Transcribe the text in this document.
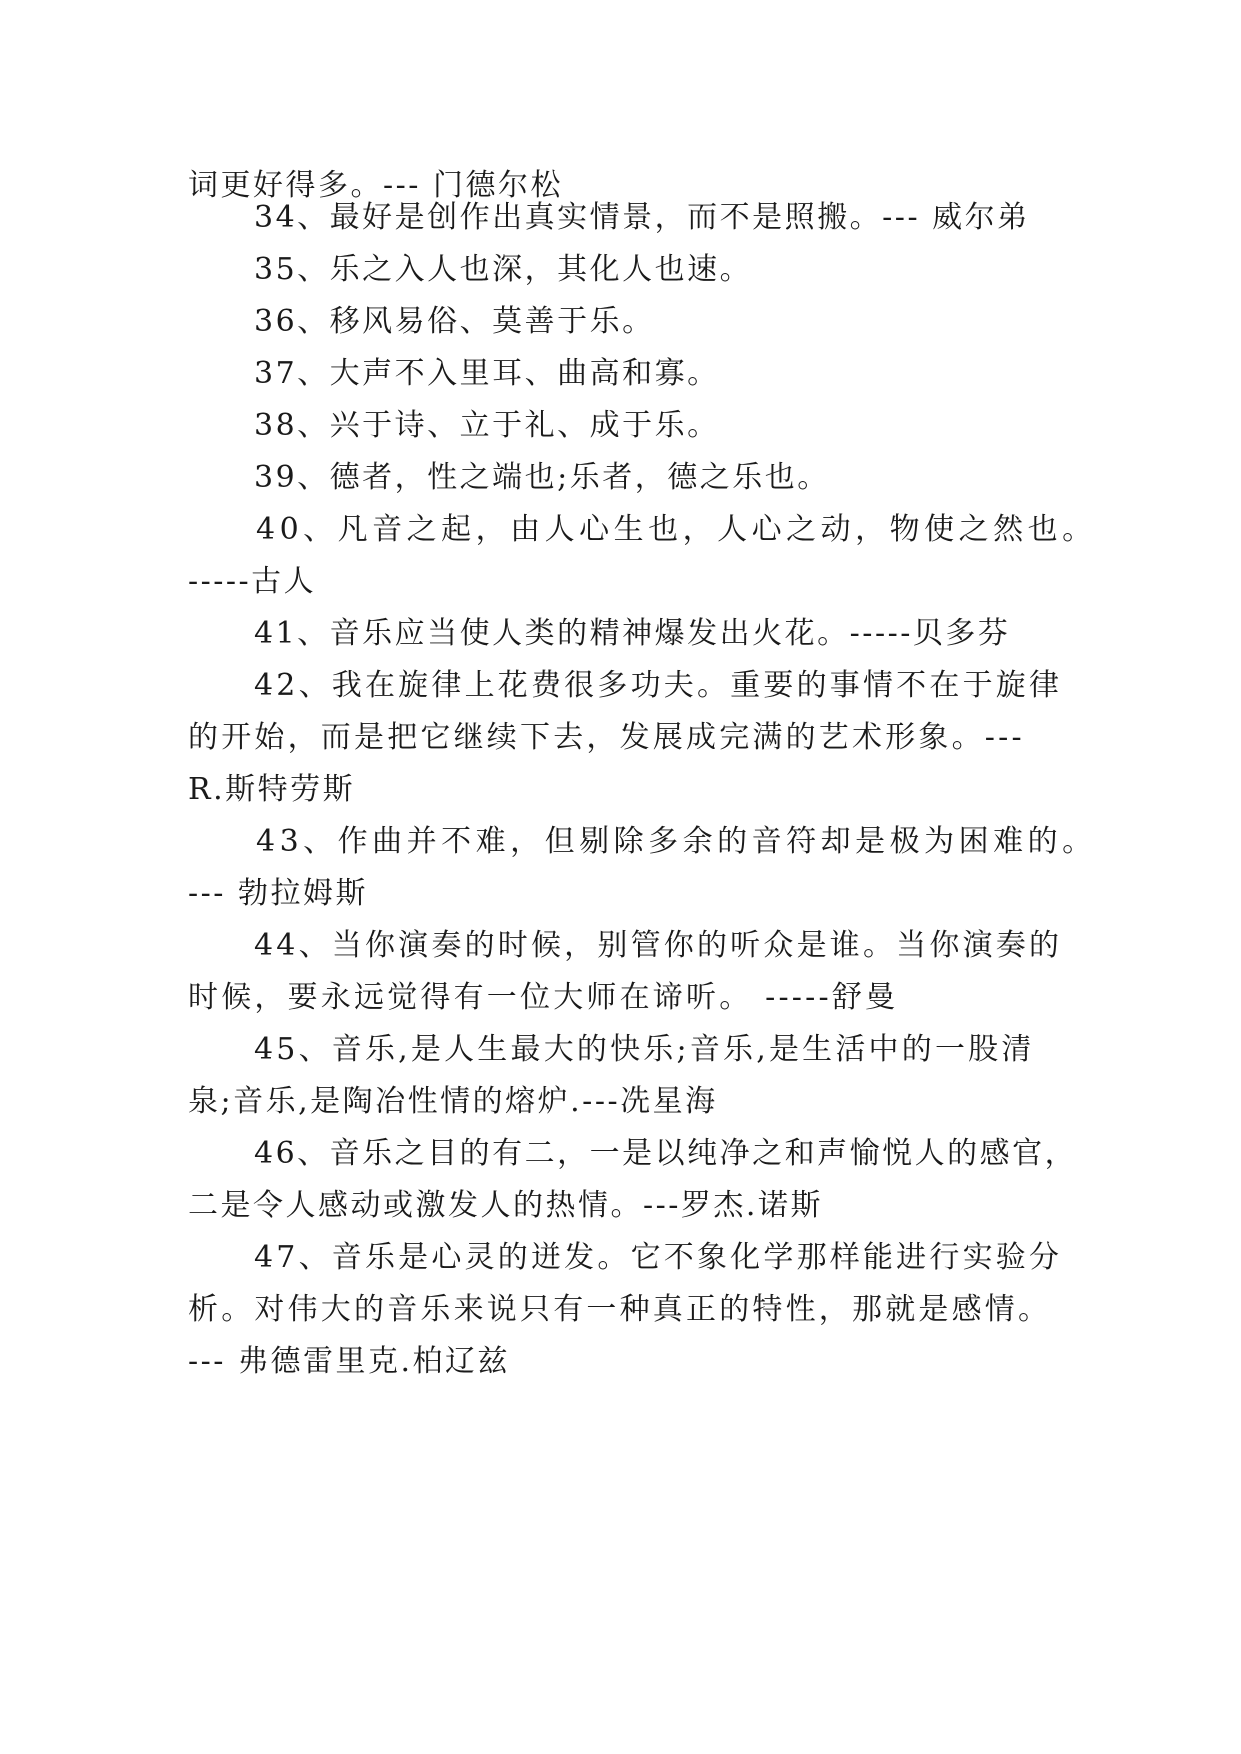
词更好得多。--- 门德尔松
34、最好是创作出真实情景，而不是照搬。--- 威尔弟
35、乐之入人也深，其化人也速。
36、移风易俗、莫善于乐。
37、大声不入里耳、曲高和寡。
38、兴于诗、立于礼、成于乐。
39、德者，性之端也;乐者，德之乐也。
40、凡音之起，由人心生也，人心之动，物使之然也。
-----古人
41、音乐应当使人类的精神爆发出火花。-----贝多芬
42、我在旋律上花费很多功夫。重要的事情不在于旋律
的开始，而是把它继续下去，发展成完满的艺术形象。---
R.斯特劳斯
43、作曲并不难，但剔除多余的音符却是极为困难的。
--- 勃拉姆斯
44、当你演奏的时候，别管你的听众是谁。当你演奏的
时候，要永远觉得有一位大师在谛听。 -----舒曼
45、音乐,是人生最大的快乐;音乐,是生活中的一股清
泉;音乐,是陶冶性情的熔炉.---冼星海
46、音乐之目的有二，一是以纯净之和声愉悦人的感官，
二是令人感动或激发人的热情。---罗杰.诺斯
47、音乐是心灵的迸发。它不象化学那样能进行实验分
析。对伟大的音乐来说只有一种真正的特性，那就是感情。
--- 弗德雷里克.柏辽兹
